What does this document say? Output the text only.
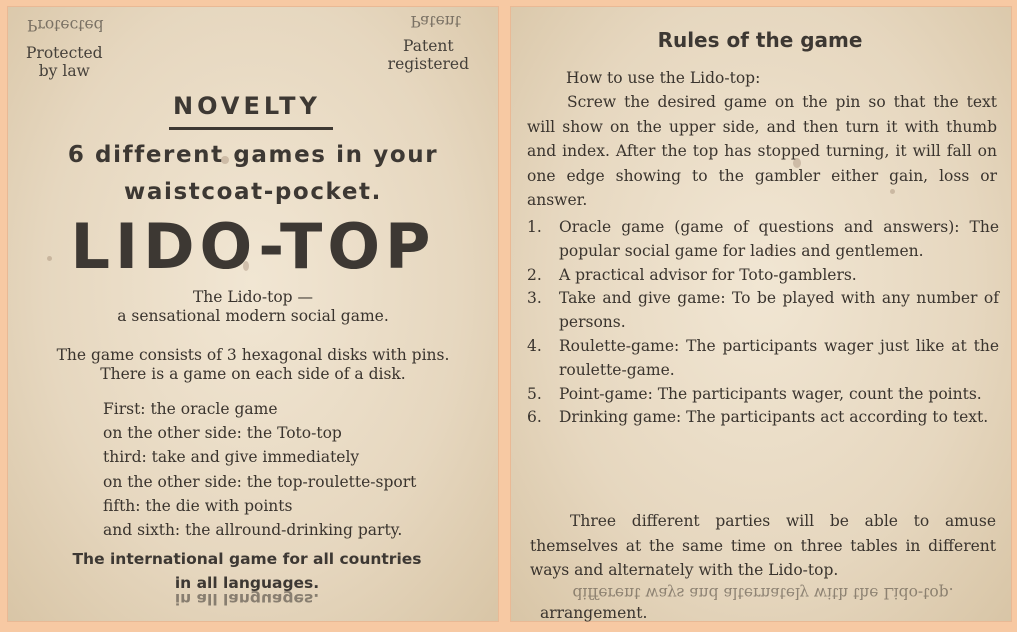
Protected
Protected
by law
Patent
Patent
registered
NOVELTY
6 different games in your
waistcoat-pocket.
LIDO-TOP
The Lido-top —
a sensational modern social game.
The game consists of 3 hexagonal disks with pins.
There is a game on each side of a disk.
First: the oracle game
on the other side: the Toto-top
third: take and give immediately
on the other side: the top-roulette-sport
fifth: the die with points
and sixth: the allround-drinking party.
The international game for all countries
in all languages.
in all languages.
Rules of the game
How to use the Lido-top:
Screw the desired game on the pin so that the text will show on the upper side, and then turn it with thumb and index. After the top has stopped turning, it will fall on one edge showing to the gambler either gain, loss or answer.
1. Oracle game (game of questions and answers): The popular social game for ladies and gentlemen.
2. A practical advisor for Toto-gamblers.
3. Take and give game: To be played with any number of persons.
4. Roulette-game: The participants wager just like at the roulette-game.
5. Point-game: The participants wager, count the points.
6. Drinking game: The participants act according to text.
Three different parties will be able to amuse themselves at the same time on three tables in different ways and alternately with the Lido-top.
different ways and alternately with the Lido-top.
arrangement.
